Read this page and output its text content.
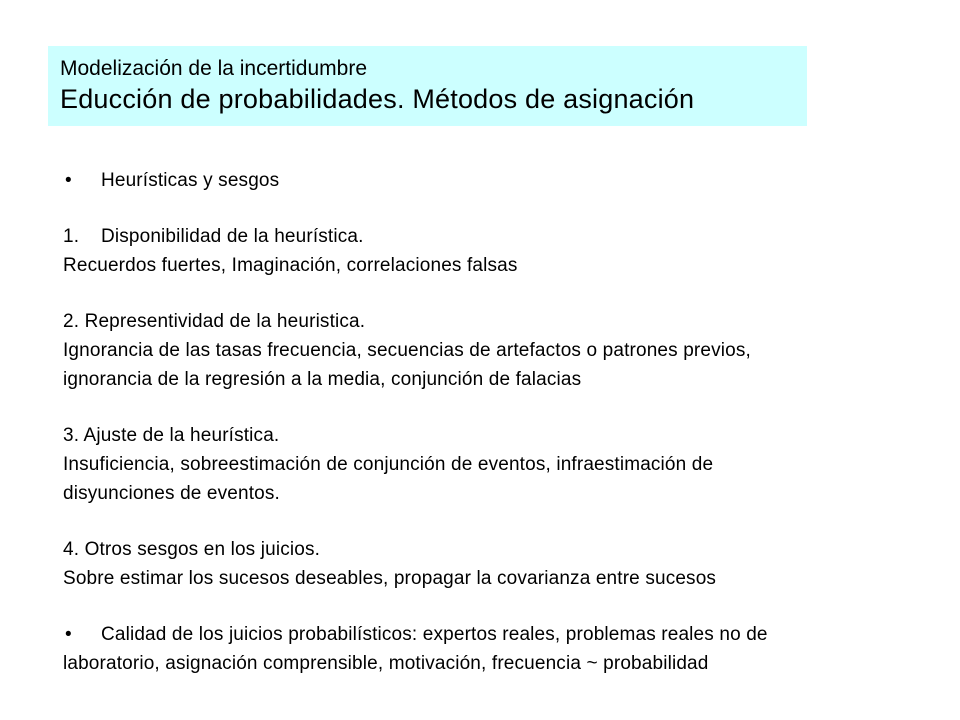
Modelización de la incertidumbre
Educción de probabilidades. Métodos de asignación
•	Heurísticas y sesgos
1.	Disponibilidad de la heurística.
Recuerdos fuertes, Imaginación, correlaciones falsas
2. Representividad de la heuristica.
Ignorancia de las tasas frecuencia, secuencias de artefactos o patrones previos,
ignorancia de la regresión a la media, conjunción de falacias
3. Ajuste de la heurística.
Insuficiencia, sobreestimación de conjunción de eventos, infraestimación de
disyunciones de eventos.
4. Otros sesgos en los juicios.
Sobre estimar los sucesos deseables, propagar la covarianza entre sucesos
•	Calidad de los juicios probabilísticos: expertos reales, problemas reales no de
laboratorio, asignación comprensible, motivación, frecuencia ~ probabilidad
